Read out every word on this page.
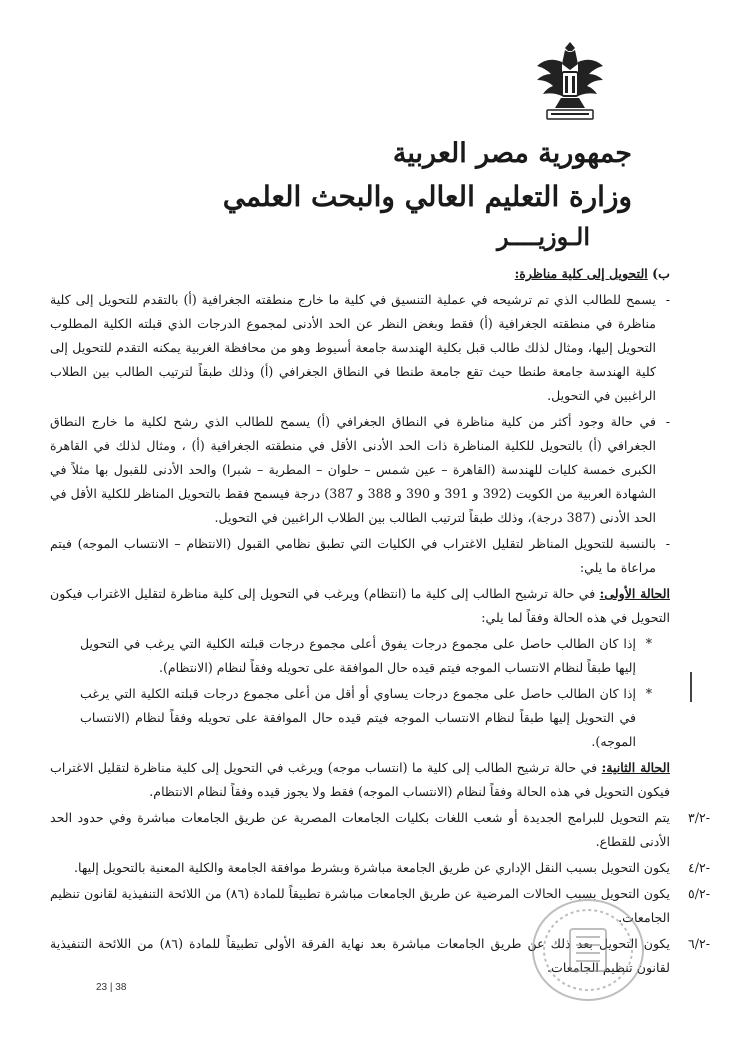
جمهورية مصر العربية
وزارة التعليم العالي والبحث العلمي
الـوزيــــر

ب) التحويل إلى كلية مناظرة:

-
يسمح للطالب الذي تم ترشيحه في عملية التنسيق في كلية ما خارج منطقته الجغرافية (أ) بالتقدم للتحويل إلى كلية مناظرة في منطقته الجغرافية (أ) فقط وبغض النظر عن الحد الأدنى لمجموع الدرجات الذي قبلته الكلية المطلوب التحويل إليها، ومثال لذلك طالب قبل بكلية الهندسة جامعة أسيوط وهو من محافظة الغربية يمكنه التقدم للتحويل إلى كلية الهندسة جامعة طنطا حيث تقع جامعة طنطا في النطاق الجغرافي (أ) وذلك طبقاً لترتيب الطالب بين الطلاب الراغبين في التحويل.

-
في حالة وجود أكثر من كلية مناظرة في النطاق الجغرافي (أ) يسمح للطالب الذي رشح لكلية ما خارج النطاق الجغرافي (أ) بالتحويل للكلية المناظرة ذات الحد الأدنى الأقل في منطقته الجغرافية (أ) ، ومثال لذلك في القاهرة الكبرى خمسة كليات للهندسة (القاهرة – عين شمس – حلوان – المطرية – شبرا) والحد الأدنى للقبول بها مثلاً في الشهادة العربية من الكويت (392 و 391 و 390 و 388 و 387) درجة فيسمح فقط بالتحويل المناظر للكلية الأقل في الحد الأدنى (387 درجة)، وذلك طبقاً لترتيب الطالب بين الطلاب الراغبين في التحويل.

-
بالنسبة للتحويل المناظر لتقليل الاغتراب في الكليات التي تطبق نظامي القبول (الانتظام – الانتساب الموجه) فيتم مراعاة ما يلي:

الحالة الأولى: في حالة ترشيح الطالب إلى كلية ما (انتظام) ويرغب في التحويل إلى كلية مناظرة لتقليل الاغتراب فيكون التحويل في هذه الحالة وفقاً لما يلي:

*
إذا كان الطالب حاصل على مجموع درجات يفوق أعلى مجموع درجات قبلته الكلية التي يرغب في التحويل إليها طبقاً لنظام الانتساب الموجه فيتم قيده حال الموافقة على تحويله وفقاً لنظام (الانتظام).

*
إذا كان الطالب حاصل على مجموع درجات يساوي أو أقل من أعلى مجموع درجات قبلته الكلية التي يرغب في التحويل إليها طبقاً لنظام الانتساب الموجه فيتم قيده حال الموافقة على تحويله وفقاً لنظام (الانتساب الموجه).

الحالة الثانية: في حالة ترشيح الطالب إلى كلية ما (انتساب موجه) ويرغب في التحويل إلى كلية مناظرة لتقليل الاغتراب فيكون التحويل في هذه الحالة وفقاً لنظام (الانتساب الموجه) فقط ولا يجوز قيده وفقاً لنظام الانتظام.

٣/٢-
يتم التحويل للبرامج الجديدة أو شعب اللغات بكليات الجامعات المصرية عن طريق الجامعات مباشرة وفي حدود الحد الأدنى للقطاع.

٤/٢-
يكون التحويل بسبب النقل الإداري عن طريق الجامعة مباشرة وبشرط موافقة الجامعة والكلية المعنية بالتحويل إليها.

٥/٢-
يكون التحويل بسبب الحالات المرضية عن طريق الجامعات مباشرة تطبيقاً للمادة (٨٦) من اللائحة التنفيذية لقانون تنظيم الجامعات.

٦/٢-
يكون التحويل بعد ذلك عن طريق الجامعات مباشرة بعد نهاية الفرقة الأولى تطبيقاً للمادة (٨٦) من اللائحة التنفيذية لقانون تنظيم الجامعات.

23 | 38
